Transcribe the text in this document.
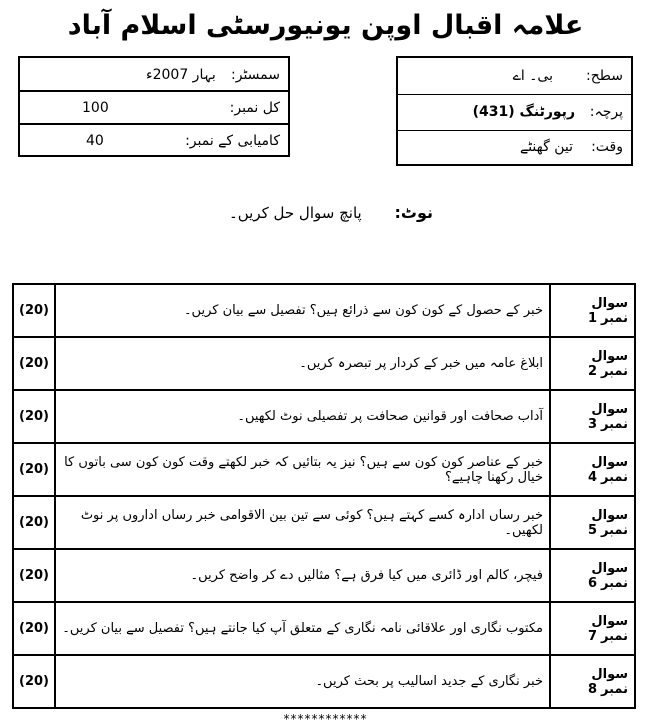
علامہ اقبال اوپن یونیورسٹی اسلام آباد
سمسٹر:
بہار 2007ء
کل نمبر:
100
کامیابی کے نمبر:
40
سطح:
بی۔ اے
پرچہ:
رپورٹنگ (431)
وقت:
تین گھنٹے
نوٹ: پانچ سوال حل کریں۔
(20)	خبر کے حصول کے کون کون سے ذرائع ہیں؟ تفصیل سے بیان کریں۔	سوال نمبر1
(20)	ابلاغ عامہ میں خبر کے کردار پر تبصرہ کریں۔	سوال نمبر2
(20)	آداب صحافت اور قوانین صحافت پر تفصیلی نوٹ لکھیں۔	سوال نمبر3
(20)	خبر کے عناصر کون کون سے ہیں؟ نیز یہ بتائیں کہ خبر لکھتے وقت کون کون سی باتوں کا خیال رکھنا چاہیے؟	سوال نمبر4
(20)	خبر رساں ادارہ کسے کہتے ہیں؟ کوئی سے تین بین الاقوامی خبر رساں اداروں پر نوٹ لکھیں۔	سوال نمبر5
(20)	فیچر، کالم اور ڈائری میں کیا فرق ہے؟ مثالیں دے کر واضح کریں۔	سوال نمبر6
(20)	مکتوب نگاری اور علاقائی نامہ نگاری کے متعلق آپ کیا جانتے ہیں؟ تفصیل سے بیان کریں۔	سوال نمبر7
(20)	خبر نگاری کے جدید اسالیب پر بحث کریں۔	سوال نمبر8
************
